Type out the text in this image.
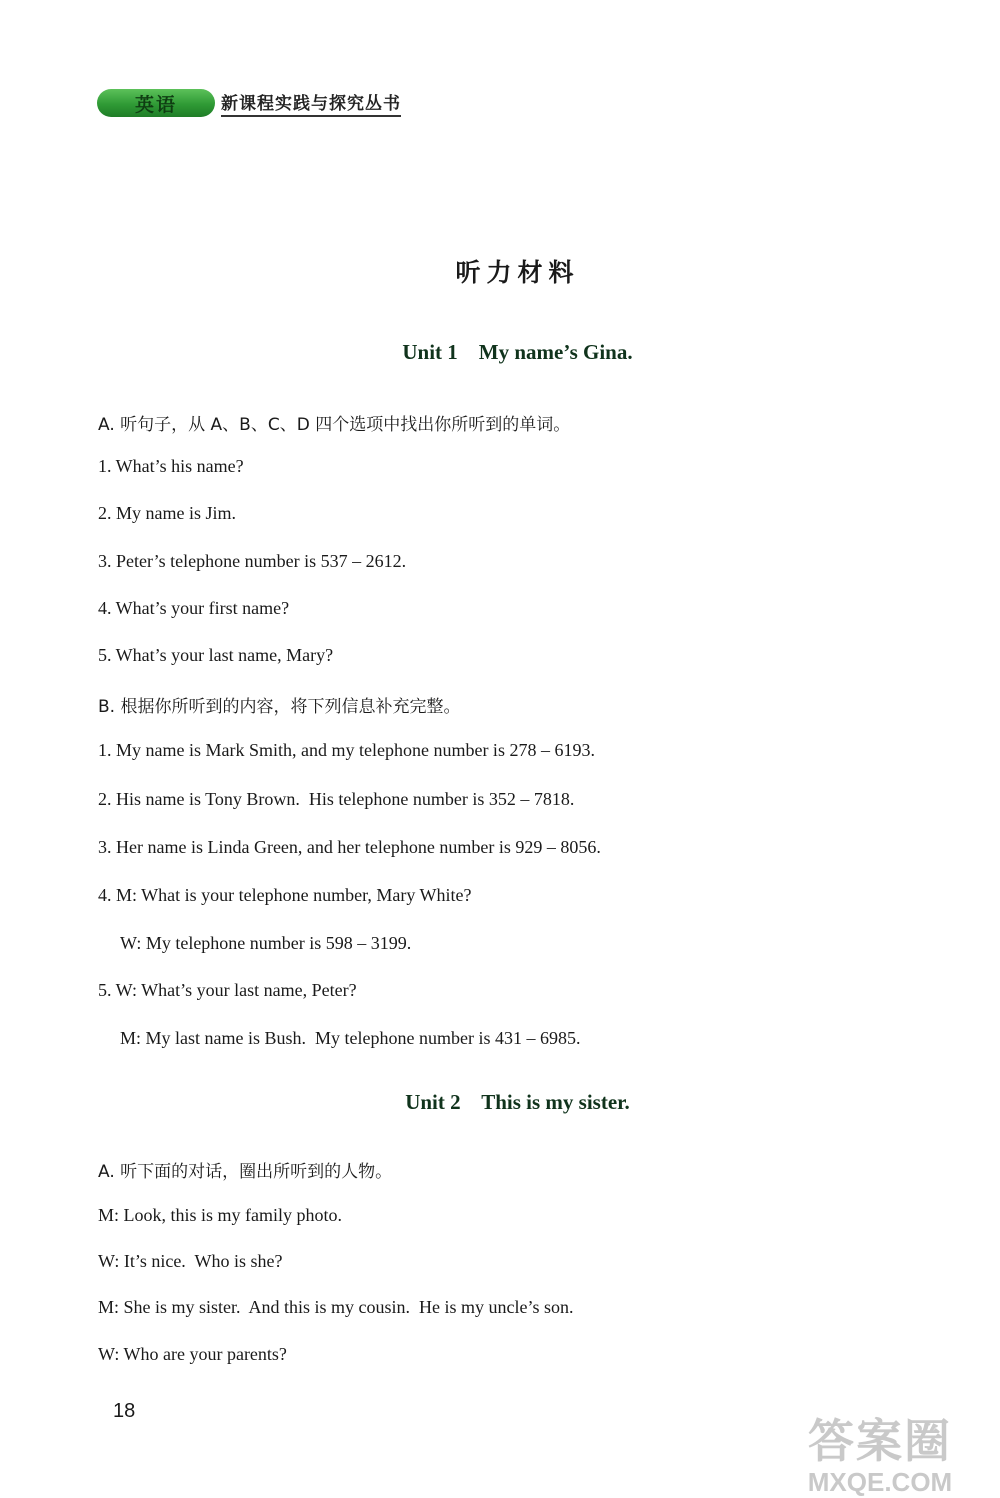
英语	新课程实践与探究丛书
听力材料
Unit 1    My name’s Gina.
A. 听句子，从 A、B、C、D 四个选项中找出你所听到的单词。
1. What’s his name?
2. My name is Jim.
3. Peter’s telephone number is 537 – 2612.
4. What’s your first name?
5. What’s your last name, Mary?
B. 根据你所听到的内容，将下列信息补充完整。
1. My name is Mark Smith, and my telephone number is 278 – 6193.
2. His name is Tony Brown.  His telephone number is 352 – 7818.
3. Her name is Linda Green, and her telephone number is 929 – 8056.
4. M: What is your telephone number, Mary White?
W: My telephone number is 598 – 3199.
5. W: What’s your last name, Peter?
M: My last name is Bush.  My telephone number is 431 – 6985.
Unit 2    This is my sister.
A. 听下面的对话，圈出所听到的人物。
M: Look, this is my family photo.
W: It’s nice.  Who is she?
M: She is my sister.  And this is my cousin.  He is my uncle’s son.
W: Who are your parents?
18
答案圈
MXQE.COM
